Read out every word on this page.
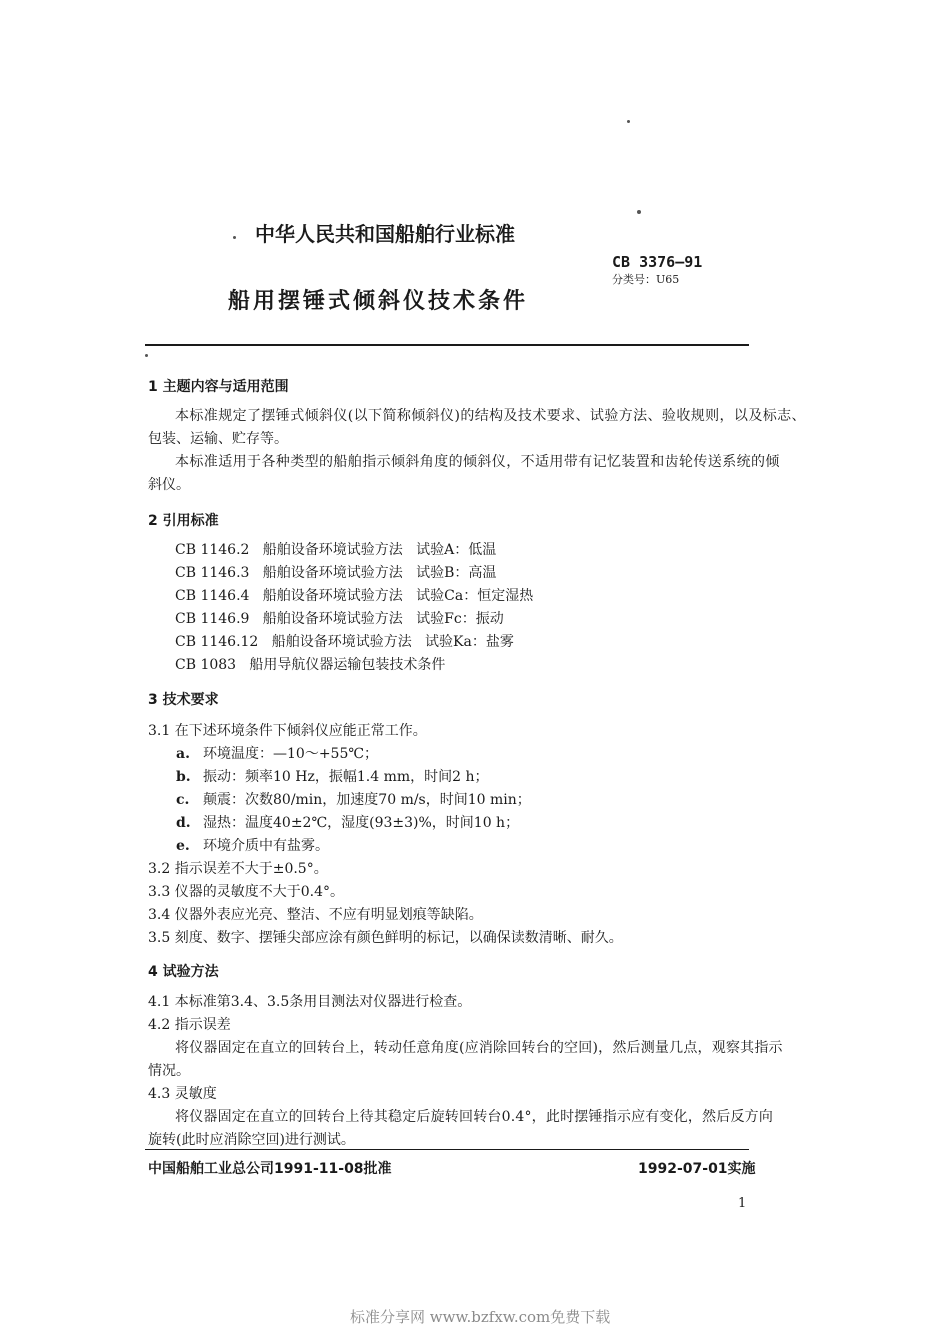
中华人民共和国船舶行业标准
CB 3376—91
分类号：U65
船用摆锤式倾斜仪技术条件
1 主题内容与适用范围
本标准规定了摆锤式倾斜仪(以下简称倾斜仪)的结构及技术要求、试验方法、验收规则，以及标志、
包装、运输、贮存等。
本标准适用于各种类型的船舶指示倾斜角度的倾斜仪，不适用带有记忆装置和齿轮传送系统的倾
斜仪。
2 引用标准
CB 1146.2   船舶设备环境试验方法   试验A：低温
CB 1146.3   船舶设备环境试验方法   试验B：高温
CB 1146.4   船舶设备环境试验方法   试验Ca：恒定湿热
CB 1146.9   船舶设备环境试验方法   试验Fc：振动
CB 1146.12   船舶设备环境试验方法   试验Ka：盐雾
CB 1083   船用导航仪器运输包装技术条件
3 技术要求
3.1 在下述环境条件下倾斜仪应能正常工作。
a. 环境温度：—10～+55℃；
b. 振动：频率10 Hz，振幅1.4 mm，时间2 h；
c. 颠震：次数80/min，加速度70 m/s，时间10 min；
d. 湿热：温度40±2℃，湿度(93±3)%，时间10 h；
e. 环境介质中有盐雾。
3.2 指示误差不大于±0.5°。
3.3 仪器的灵敏度不大于0.4°。
3.4 仪器外表应光亮、整洁、不应有明显划痕等缺陷。
3.5 刻度、数字、摆锤尖部应涂有颜色鲜明的标记，以确保读数清晰、耐久。
4 试验方法
4.1 本标准第3.4、3.5条用目测法对仪器进行检查。
4.2 指示误差
将仪器固定在直立的回转台上，转动任意角度(应消除回转台的空回)，然后测量几点，观察其指示
情况。
4.3 灵敏度
将仪器固定在直立的回转台上待其稳定后旋转回转台0.4°，此时摆锤指示应有变化，然后反方向
旋转(此时应消除空回)进行测试。
中国船舶工业总公司1991-11-08批准	1992-07-01实施
1
标准分享网 www.bzfxw.com免费下载
